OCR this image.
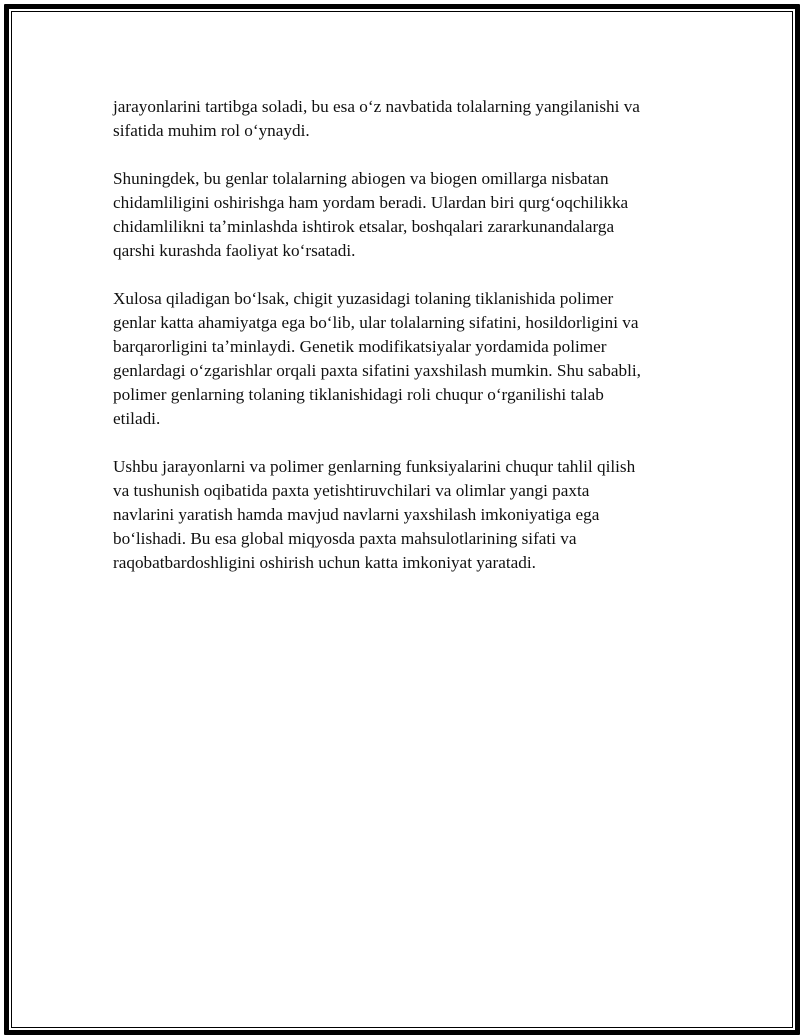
jarayonlarini tartibga soladi, bu esa oʻz navbatida tolalarning yangilanishi va
sifatida muhim rol oʻynaydi.

Shuningdek, bu genlar tolalarning abiogen va biogen omillarga nisbatan
chidamliligini oshirishga ham yordam beradi. Ulardan biri qurgʻoqchilikka
chidamlilikni taʼminlashda ishtirok etsalar, boshqalari zararkunandalarga
qarshi kurashda faoliyat koʻrsatadi.

Xulosa qiladigan boʻlsak, chigit yuzasidagi tolaning tiklanishida polimer
genlar katta ahamiyatga ega boʻlib, ular tolalarning sifatini, hosildorligini va
barqarorligini taʼminlaydi. Genetik modifikatsiyalar yordamida polimer
genlardagi oʻzgarishlar orqali paxta sifatini yaxshilash mumkin. Shu sababli,
polimer genlarning tolaning tiklanishidagi roli chuqur oʻrganilishi talab
etiladi.

Ushbu jarayonlarni va polimer genlarning funksiyalarini chuqur tahlil qilish
va tushunish oqibatida paxta yetishtiruvchilari va olimlar yangi paxta
navlarini yaratish hamda mavjud navlarni yaxshilash imkoniyatiga ega
boʻlishadi. Bu esa global miqyosda paxta mahsulotlarining sifati va
raqobatbardoshligini oshirish uchun katta imkoniyat yaratadi.
